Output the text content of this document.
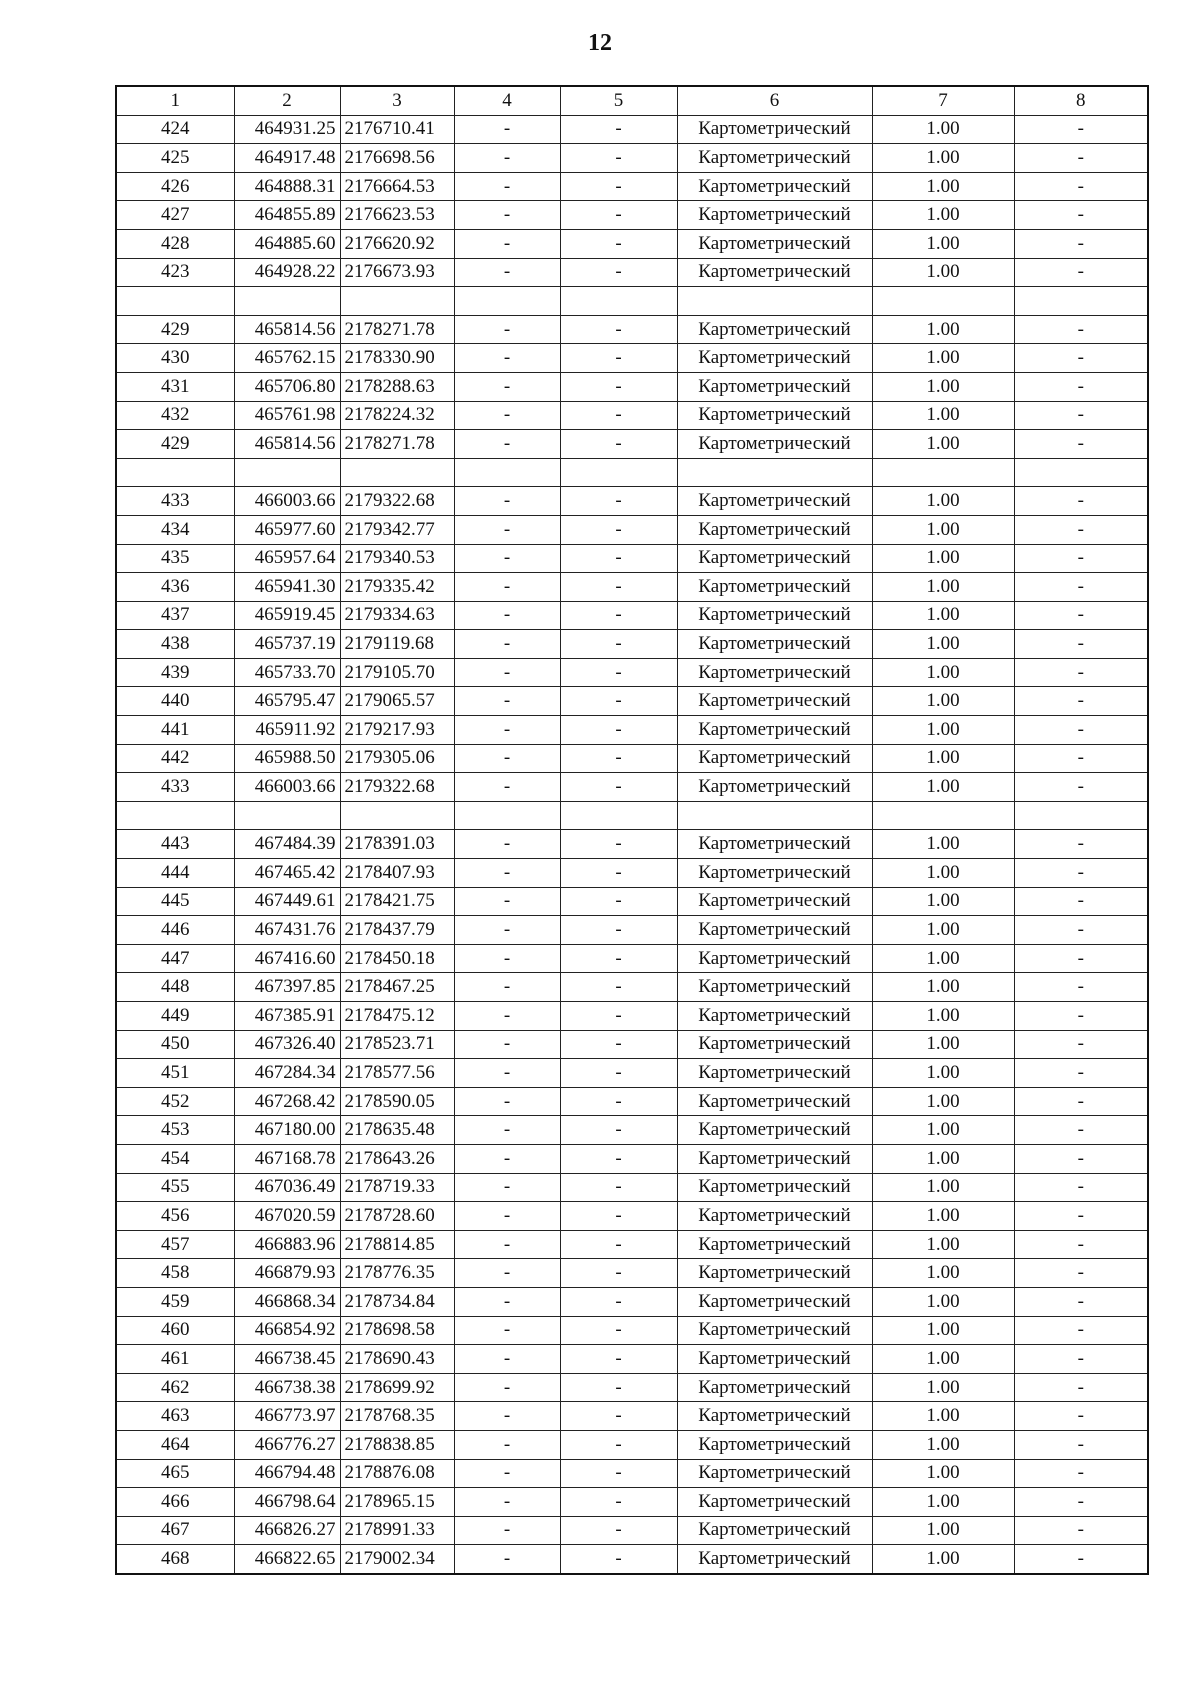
12
1	2	3	4	5	6	7	8
424	464931.25	2176710.41	-	-	Картометрический	1.00	-
425	464917.48	2176698.56	-	-	Картометрический	1.00	-
426	464888.31	2176664.53	-	-	Картометрический	1.00	-
427	464855.89	2176623.53	-	-	Картометрический	1.00	-
428	464885.60	2176620.92	-	-	Картометрический	1.00	-
423	464928.22	2176673.93	-	-	Картометрический	1.00	-

429	465814.56	2178271.78	-	-	Картометрический	1.00	-
430	465762.15	2178330.90	-	-	Картометрический	1.00	-
431	465706.80	2178288.63	-	-	Картометрический	1.00	-
432	465761.98	2178224.32	-	-	Картометрический	1.00	-
429	465814.56	2178271.78	-	-	Картометрический	1.00	-

433	466003.66	2179322.68	-	-	Картометрический	1.00	-
434	465977.60	2179342.77	-	-	Картометрический	1.00	-
435	465957.64	2179340.53	-	-	Картометрический	1.00	-
436	465941.30	2179335.42	-	-	Картометрический	1.00	-
437	465919.45	2179334.63	-	-	Картометрический	1.00	-
438	465737.19	2179119.68	-	-	Картометрический	1.00	-
439	465733.70	2179105.70	-	-	Картометрический	1.00	-
440	465795.47	2179065.57	-	-	Картометрический	1.00	-
441	465911.92	2179217.93	-	-	Картометрический	1.00	-
442	465988.50	2179305.06	-	-	Картометрический	1.00	-
433	466003.66	2179322.68	-	-	Картометрический	1.00	-

443	467484.39	2178391.03	-	-	Картометрический	1.00	-
444	467465.42	2178407.93	-	-	Картометрический	1.00	-
445	467449.61	2178421.75	-	-	Картометрический	1.00	-
446	467431.76	2178437.79	-	-	Картометрический	1.00	-
447	467416.60	2178450.18	-	-	Картометрический	1.00	-
448	467397.85	2178467.25	-	-	Картометрический	1.00	-
449	467385.91	2178475.12	-	-	Картометрический	1.00	-
450	467326.40	2178523.71	-	-	Картометрический	1.00	-
451	467284.34	2178577.56	-	-	Картометрический	1.00	-
452	467268.42	2178590.05	-	-	Картометрический	1.00	-
453	467180.00	2178635.48	-	-	Картометрический	1.00	-
454	467168.78	2178643.26	-	-	Картометрический	1.00	-
455	467036.49	2178719.33	-	-	Картометрический	1.00	-
456	467020.59	2178728.60	-	-	Картометрический	1.00	-
457	466883.96	2178814.85	-	-	Картометрический	1.00	-
458	466879.93	2178776.35	-	-	Картометрический	1.00	-
459	466868.34	2178734.84	-	-	Картометрический	1.00	-
460	466854.92	2178698.58	-	-	Картометрический	1.00	-
461	466738.45	2178690.43	-	-	Картометрический	1.00	-
462	466738.38	2178699.92	-	-	Картометрический	1.00	-
463	466773.97	2178768.35	-	-	Картометрический	1.00	-
464	466776.27	2178838.85	-	-	Картометрический	1.00	-
465	466794.48	2178876.08	-	-	Картометрический	1.00	-
466	466798.64	2178965.15	-	-	Картометрический	1.00	-
467	466826.27	2178991.33	-	-	Картометрический	1.00	-
468	466822.65	2179002.34	-	-	Картометрический	1.00	-
